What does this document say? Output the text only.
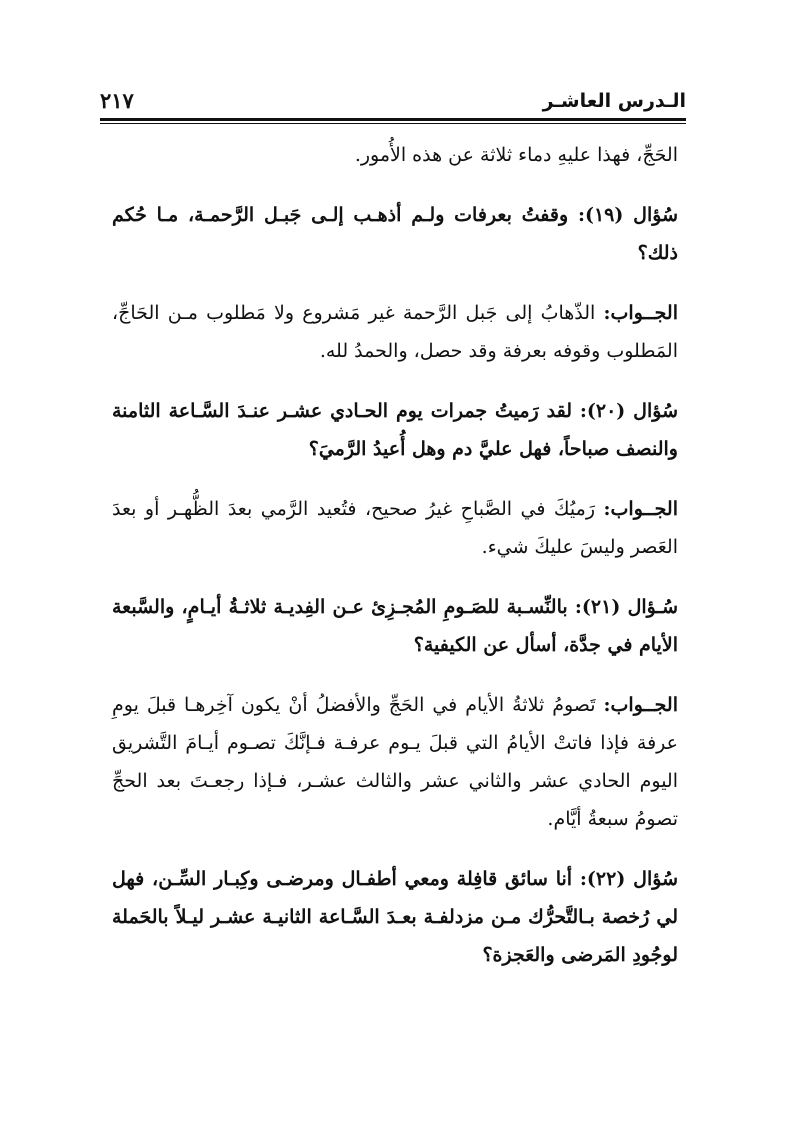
الـدرس العاشـر
٢١٧

الحَجِّ، فهذا عليهِ دماء ثلاثة عن هذه الأُمور.

سُؤال (١٩): وقفتُ بعرفات ولـم أذهـب إلـى جَبـل الرَّحمـة، مـا حُكم ذلك؟

الجــواب: الذّهابُ إلى جَبل الرَّحمة غير مَشروع ولا مَطلوب مـن الحَاجِّ، المَطلوب وقوفه بعرفة وقد حصل، والحمدُ لله.

سُؤال (٢٠): لقد رَميتُ جمرات يوم الحـادي عشـر عنـدَ السَّـاعة الثامنة والنصف صباحاً، فهل عليَّ دم وهل أُعيدُ الرَّميَ؟

الجــواب: رَميُكَ في الصَّباحِ غيرُ صحيح، فتُعيد الرَّمي بعدَ الظُّهـر أو بعدَ العَصر وليسَ عليكَ شيء.

سُـؤال (٢١): بالنِّسـبة للصَـومِ المُجـزِئ عـن الفِديـة ثلاثـةُ أيـامٍ، والسَّبعة الأيام في جدَّة، أسأل عن الكيفية؟

الجــواب: تَصومُ ثلاثةُ الأيام في الحَجِّ والأفضلُ أنْ يكون آخِرهـا قبلَ يومِ عرفة فإذا فاتتْ الأيامُ التي قبلَ يـوم عرفـة فـإنَّكَ تصـوم أيـامَ التَّشريق اليوم الحادي عشر والثاني عشر والثالث عشـر، فـإذا رجعـتَ بعد الحجِّ تصومُ سبعةُ أيَّام.

سُؤال (٢٢): أنا سائق قافِلة ومعي أطفـال ومرضـى وكِبـار السِّـن، فهل لي رُخصة بـالتَّحرُّك مـن مزدلفـة بعـدَ السَّـاعة الثانيـة عشـر ليـلاً بالحَملة لوجُودِ المَرضى والعَجزة؟
